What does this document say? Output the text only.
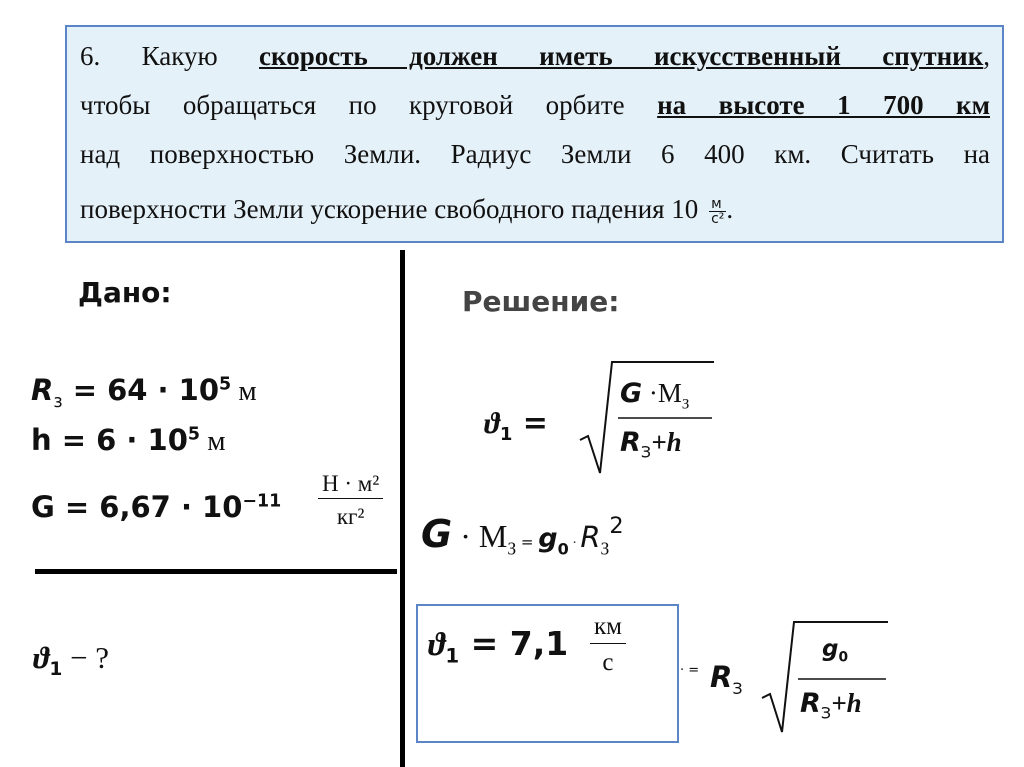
6. Какую скорость должен иметь искусственный спутник,
чтобы обращаться по круговой орбите на высоте 1 700 км
над поверхностью Земли. Радиус Земли 6 400 км. Считать на
поверхности Земли ускорение свободного падения $10 \frac{м}{\text{с²}}$ .
Дано:
$R_з = 64 \cdot 10^5$ м
$h = 6 \cdot 10^5$ м
$G = 6,67 \cdot 10^{-11}$
Н · м²
кг²
$ϑ_1$ − ?
Решение:
$ϑ_1$ =
$G \cdot М_З$
$R_З+h$
$G \cdot М_З = g_0 \cdot R_З^2$
$ϑ_1 = 7,1$ км
с	· = $R_З$
$g_0$
$R_З+h$
